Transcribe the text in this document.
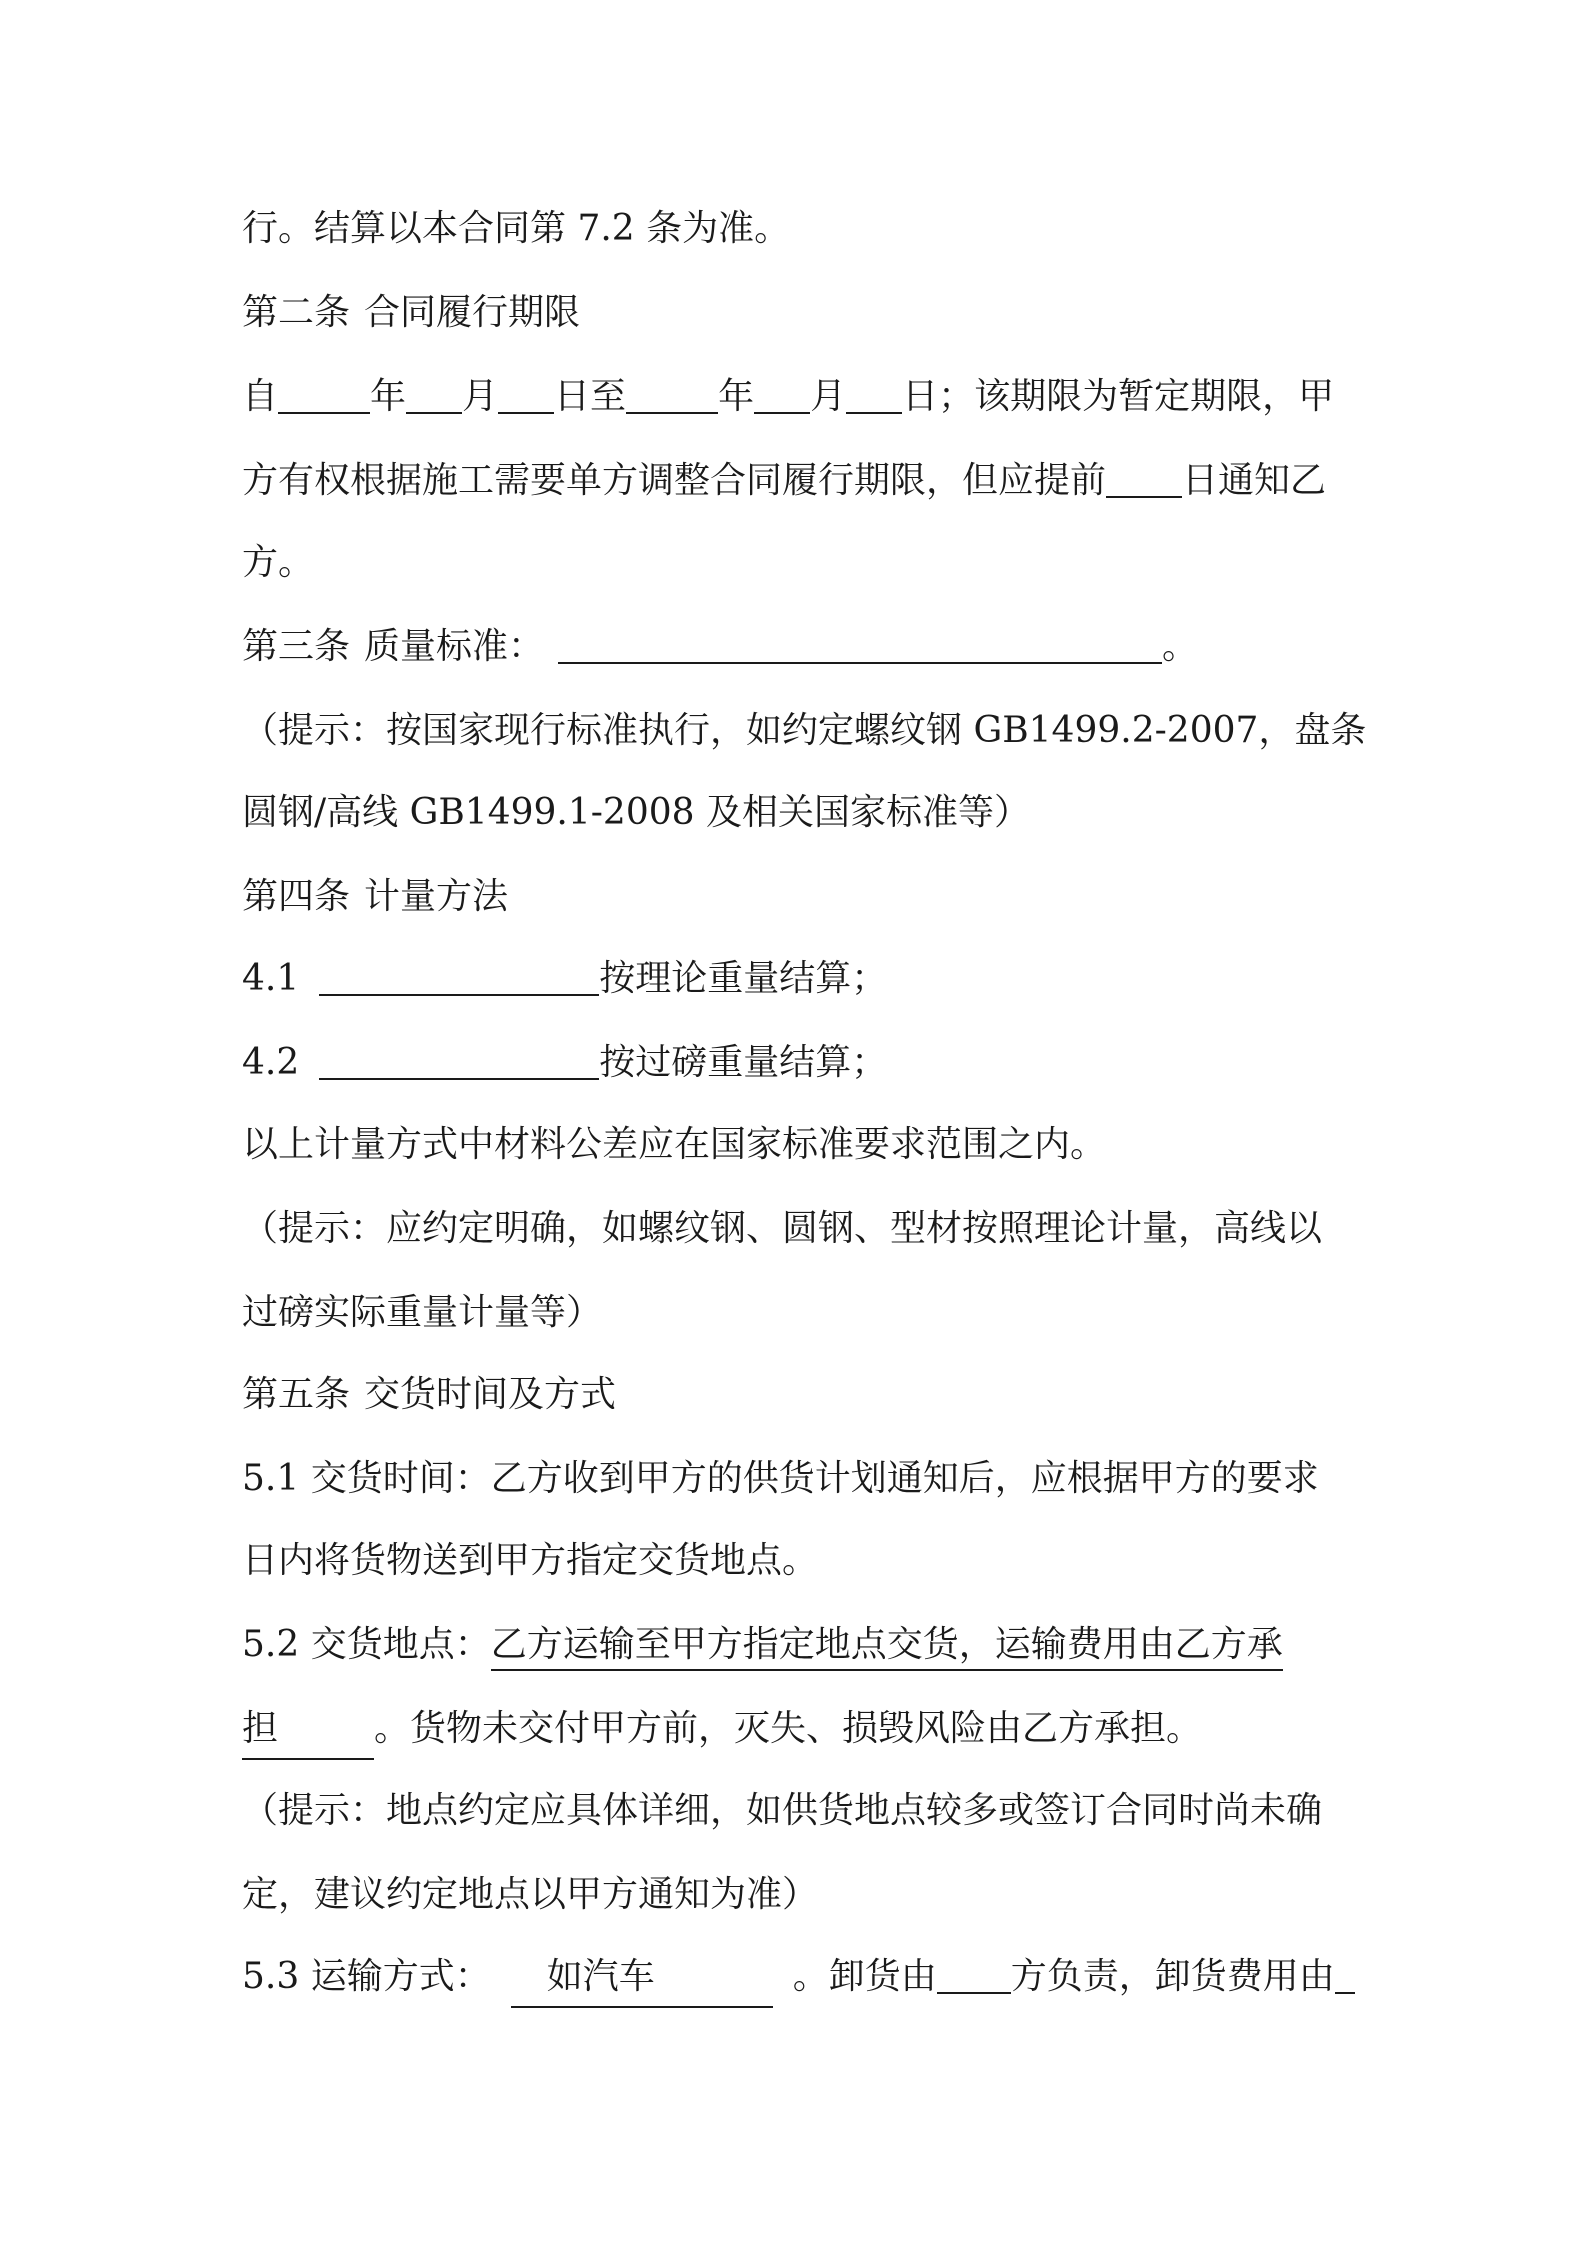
行。结算以本合同第 7.2 条为准。
第二条 合同履行期限
自	年 月 日至	年 月 日；该期限为暂定期限，甲
方有权根据施工需要单方调整合同履行期限，但应提前 日通知乙
方。
第三条 质量标准：	。
（提示：按国家现行标准执行，如约定螺纹钢 GB1499.2-2007，盘条
圆钢/高线 GB1499.1-2008 及相关国家标准等）
第四条 计量方法
4.1	按理论重量结算；
4.2	按过磅重量结算；
以上计量方式中材料公差应在国家标准要求范围之内。
（提示：应约定明确，如螺纹钢、圆钢、型材按照理论计量，高线以
过磅实际重量计量等）
第五条 交货时间及方式
5.1 交货时间：乙方收到甲方的供货计划通知后，应根据甲方的要求
日内将货物送到甲方指定交货地点。
5.2 交货地点：乙方运输至甲方指定地点交货，运输费用由乙方承
担	。货物未交付甲方前，灭失、损毁风险由乙方承担。
（提示：地点约定应具体详细，如供货地点较多或签订合同时尚未确
定，建议约定地点以甲方通知为准）
5.3 运输方式： 如汽车	。卸货由 方负责，卸货费用由
